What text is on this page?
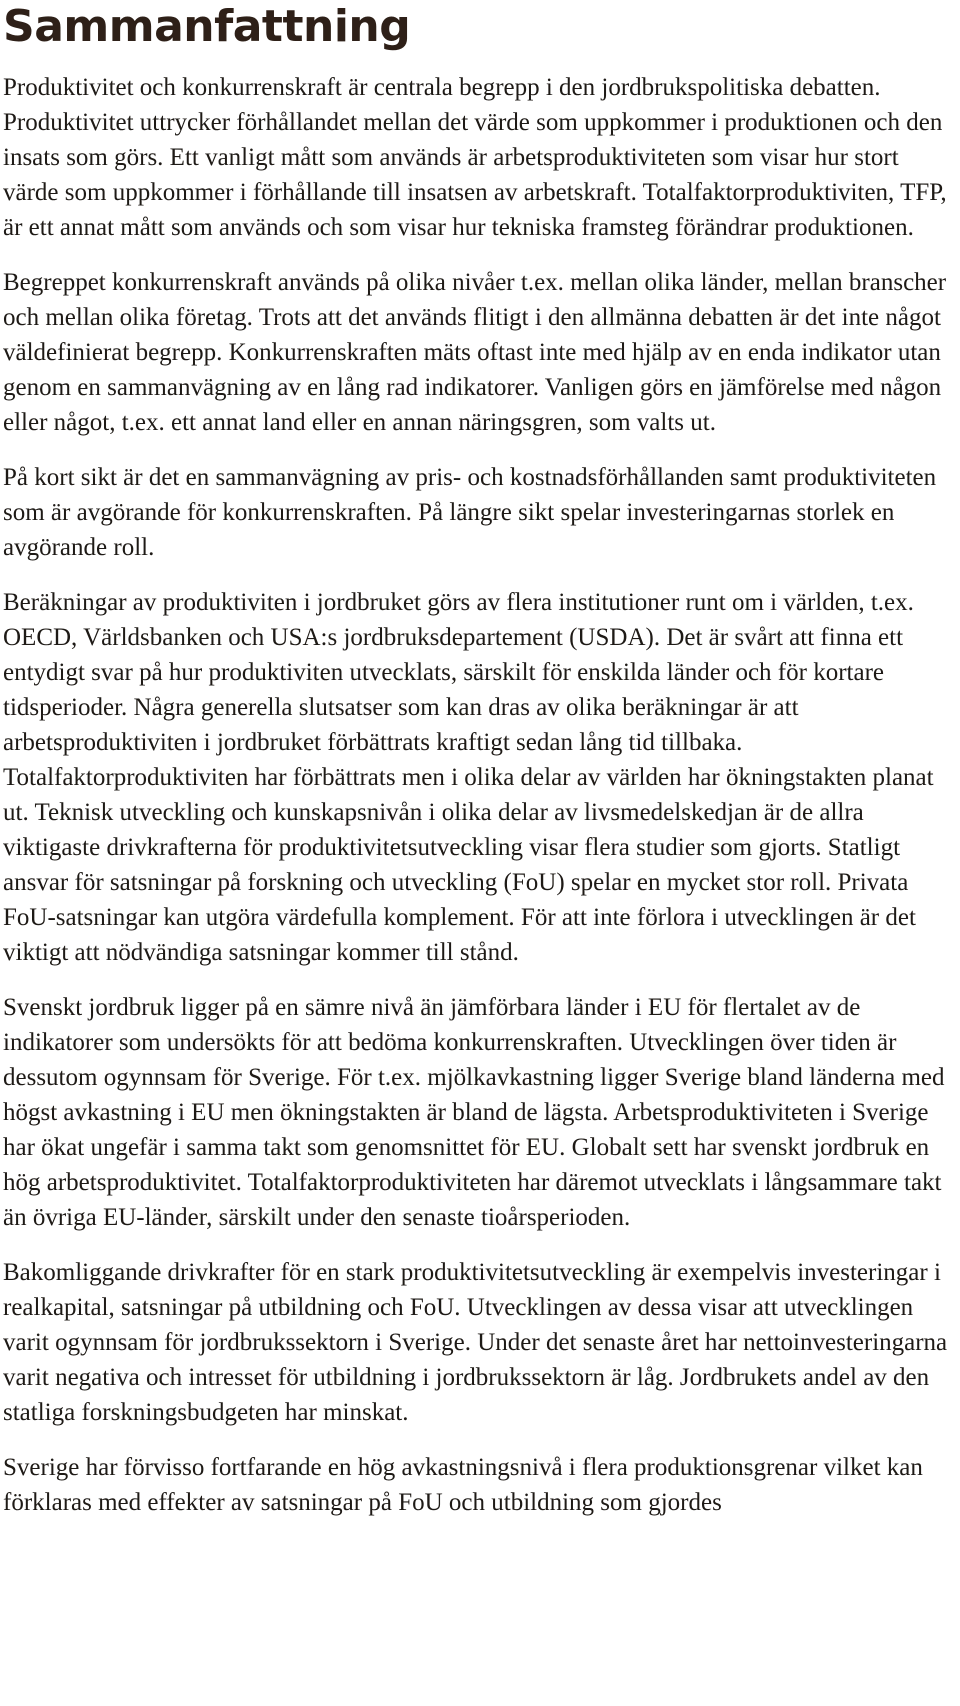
Sammanfattning

Produktivitet och konkurrenskraft är centrala begrepp i den jordbrukspolitiska debatten. Produktivitet uttrycker förhållandet mellan det värde som uppkommer i produktionen och den insats som görs. Ett vanligt mått som används är arbetsproduktiviteten som visar hur stort värde som uppkommer i förhållande till insatsen av arbetskraft. Totalfaktorproduktiviten, TFP, är ett annat mått som används och som visar hur tekniska framsteg förändrar produktionen.

Begreppet konkurrenskraft används på olika nivåer t.ex. mellan olika länder, mellan branscher och mellan olika företag. Trots att det används flitigt i den allmänna debatten är det inte något väldefinierat begrepp. Konkurrenskraften mäts oftast inte med hjälp av en enda indikator utan genom en sammanvägning av en lång rad indikatorer. Vanligen görs en jämförelse med någon eller något, t.ex. ett annat land eller en annan näringsgren, som valts ut.

På kort sikt är det en sammanvägning av pris- och kostnadsförhållanden samt produktiviteten som är avgörande för konkurrenskraften. På längre sikt spelar investeringarnas storlek en avgörande roll.

Beräkningar av produktiviten i jordbruket görs av flera institutioner runt om i världen, t.ex. OECD, Världsbanken och USA:s jordbruksdepartement (USDA). Det är svårt att finna ett entydigt svar på hur produktiviten utvecklats, särskilt för enskilda länder och för kortare tidsperioder. Några generella slutsatser som kan dras av olika beräkningar är att arbetsproduktiviten i jordbruket förbättrats kraftigt sedan lång tid tillbaka. Totalfaktorproduktiviten har förbättrats men i olika delar av världen har ökningstakten planat ut. Teknisk utveckling och kunskapsnivån i olika delar av livsmedelskedjan är de allra viktigaste drivkrafterna för produktivitetsutveckling visar flera studier som gjorts. Statligt ansvar för satsningar på forskning och utveckling (FoU) spelar en mycket stor roll. Privata FoU-satsningar kan utgöra värdefulla komplement. För att inte förlora i utvecklingen är det viktigt att nödvändiga satsningar kommer till stånd.

Svenskt jordbruk ligger på en sämre nivå än jämförbara länder i EU för flertalet av de indikatorer som undersökts för att bedöma konkurrenskraften. Utvecklingen över tiden är dessutom ogynnsam för Sverige. För t.ex. mjölkavkastning ligger Sverige bland länderna med högst avkastning i EU men ökningstakten är bland de lägsta. Arbetsproduktiviteten i Sverige har ökat ungefär i samma takt som genomsnittet för EU. Globalt sett har svenskt jordbruk en hög arbetsproduktivitet. Totalfaktorproduktiviteten har däremot utvecklats i långsammare takt än övriga EU-länder, särskilt under den senaste tioårsperioden.

Bakomliggande drivkrafter för en stark produktivitetsutveckling är exempelvis investeringar i realkapital, satsningar på utbildning och FoU. Utvecklingen av dessa visar att utvecklingen varit ogynnsam för jordbrukssektorn i Sverige. Under det senaste året har nettoinvesteringarna varit negativa och intresset för utbildning i jordbrukssektorn är låg. Jordbrukets andel av den statliga forskningsbudgeten har minskat.

Sverige har förvisso fortfarande en hög avkastningsnivå i flera produktionsgrenar vilket kan förklaras med effekter av satsningar på FoU och utbildning som gjordes
